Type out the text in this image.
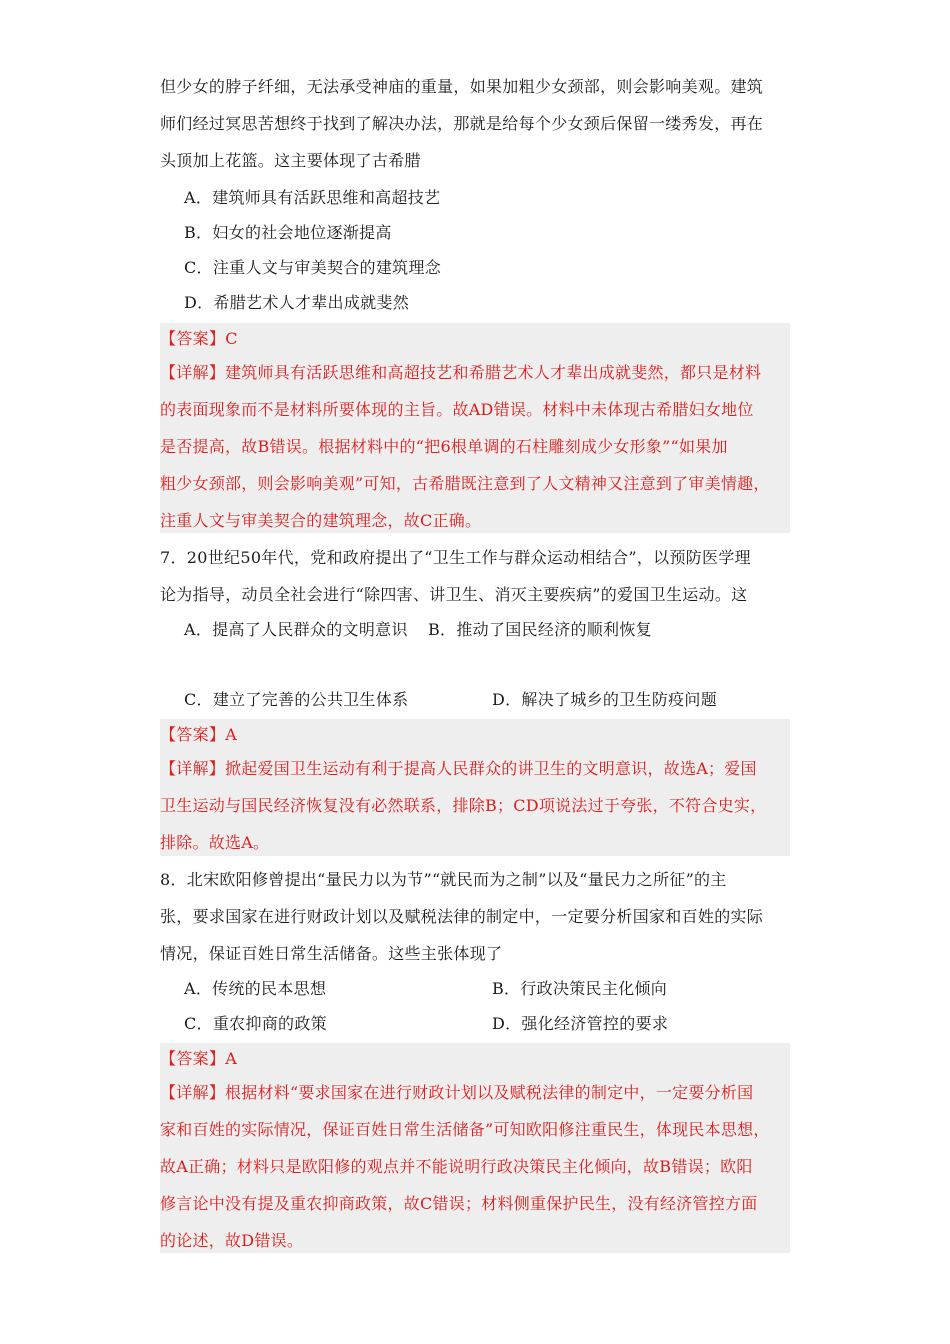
但少女的脖子纤细，无法承受神庙的重量，如果加粗少女颈部，则会影响美观。建筑
师们经过冥思苦想终于找到了解决办法，那就是给每个少女颈后保留一缕秀发，再在
头顶加上花篮。这主要体现了古希腊
A．建筑师具有活跃思维和高超技艺
B．妇女的社会地位逐渐提高
C．注重人文与审美契合的建筑理念
D．希腊艺术人才辈出成就斐然
【答案】C
【详解】建筑师具有活跃思维和高超技艺和希腊艺术人才辈出成就斐然，都只是材料
的表面现象而不是材料所要体现的主旨。故AD错误。材料中未体现古希腊妇女地位
是否提高，故B错误。根据材料中的“把6根单调的石柱雕刻成少女形象”“如果加
粗少女颈部，则会影响美观”可知，古希腊既注意到了人文精神又注意到了审美情趣，
注重人文与审美契合的建筑理念，故C正确。
7．20世纪50年代，党和政府提出了“卫生工作与群众运动相结合”，以预防医学理
论为指导，动员全社会进行“除四害、讲卫生、消灭主要疾病”的爱国卫生运动。这
A．提高了人民群众的文明意识 B．推动了国民经济的顺利恢复
C．建立了完善的公共卫生体系	D．解决了城乡的卫生防疫问题
【答案】A
【详解】掀起爱国卫生运动有利于提高人民群众的讲卫生的文明意识，故选A；爱国
卫生运动与国民经济恢复没有必然联系，排除B；CD项说法过于夸张，不符合史实，
排除。故选A。
8．北宋欧阳修曾提出“量民力以为节”“就民而为之制”以及“量民力之所征”的主
张，要求国家在进行财政计划以及赋税法律的制定中，一定要分析国家和百姓的实际
情况，保证百姓日常生活储备。这些主张体现了
A．传统的民本思想	B．行政决策民主化倾向
C．重农抑商的政策	D．强化经济管控的要求
【答案】A
【详解】根据材料“要求国家在进行财政计划以及赋税法律的制定中，一定要分析国
家和百姓的实际情况，保证百姓日常生活储备”可知欧阳修注重民生，体现民本思想，
故A正确；材料只是欧阳修的观点并不能说明行政决策民主化倾向，故B错误；欧阳
修言论中没有提及重农抑商政策，故C错误；材料侧重保护民生，没有经济管控方面
的论述，故D错误。
